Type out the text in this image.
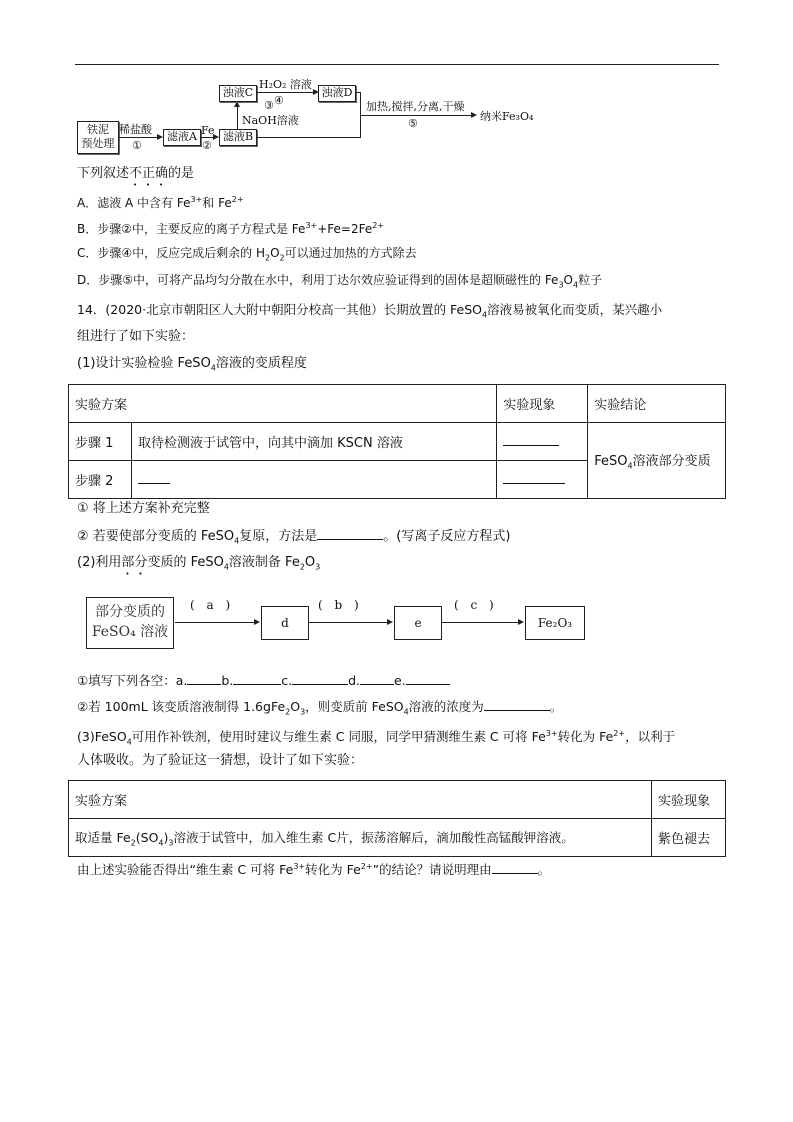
铁泥
预处理
稀盐酸
①
滤液A Fe
②
滤液B
NaOH溶液
③
浊液C
H₂O₂ 溶液
④
浊液D
加热,搅拌,分离,干燥
⑤
纳米Fe₃O₄
下列叙述不正确的是
A．滤液 A 中含有 $Fe^{3+}$和 $Fe^{2+}$
B．步骤②中，主要反应的离子方程式是 $Fe^{3+}+Fe=2Fe^{2+}$
C．步骤④中，反应完成后剩余的 $H_2O_2$可以通过加热的方式除去
D．步骤⑤中，可将产品均匀分散在水中，利用丁达尔效应验证得到的固体是超顺磁性的 $Fe_3O_4$粒子
14．(2020·北京市朝阳区人大附中朝阳分校高一其他）长期放置的 FeSO$_4$溶液易被氧化而变质，某兴趣小
组进行了如下实验：
(1)设计实验检验 FeSO$_4$溶液的变质程度
实验方案		实验现象	实验结论
步骤 1	取待检测液于试管中，向其中滴加 KSCN 溶液		FeSO$_4$溶液部分变质
步骤 2			
① 将上述方案补充完整
② 若要使部分变质的 FeSO$_4$复原，方法是	。(写离子反应方程式)
(2)利用部分变质的 FeSO$_4$溶液制备 $Fe_2O_3$
部分变质的
FeSO₄ 溶液
( a )
d
( b )
e
( c )
Fe₂O₃
①填写下列各空：a.	b.	c.	d.	e.
②若 100mL 该变质溶液制得 $1.6gFe_2O_3$，则变质前 FeSO$_4$溶液的浓度为	。
(3)FeSO$_4$可用作补铁剂，使用时建议与维生素 C 同服，同学甲猜测维生素 C 可将 $Fe^{3+}$转化为 $Fe^{2+}$，以利于
人体吸收。为了验证这一猜想，设计了如下实验：
实验方案	实验现象
取适量 $Fe_2(SO_4)_3$溶液于试管中，加入维生素 C片，振荡溶解后，滴加酸性高锰酸钾溶液。	紫色褪去
由上述实验能否得出“维生素 C 可将 $Fe^{3+}$转化为 $Fe^{2+}$”的结论？请说明理由	。
